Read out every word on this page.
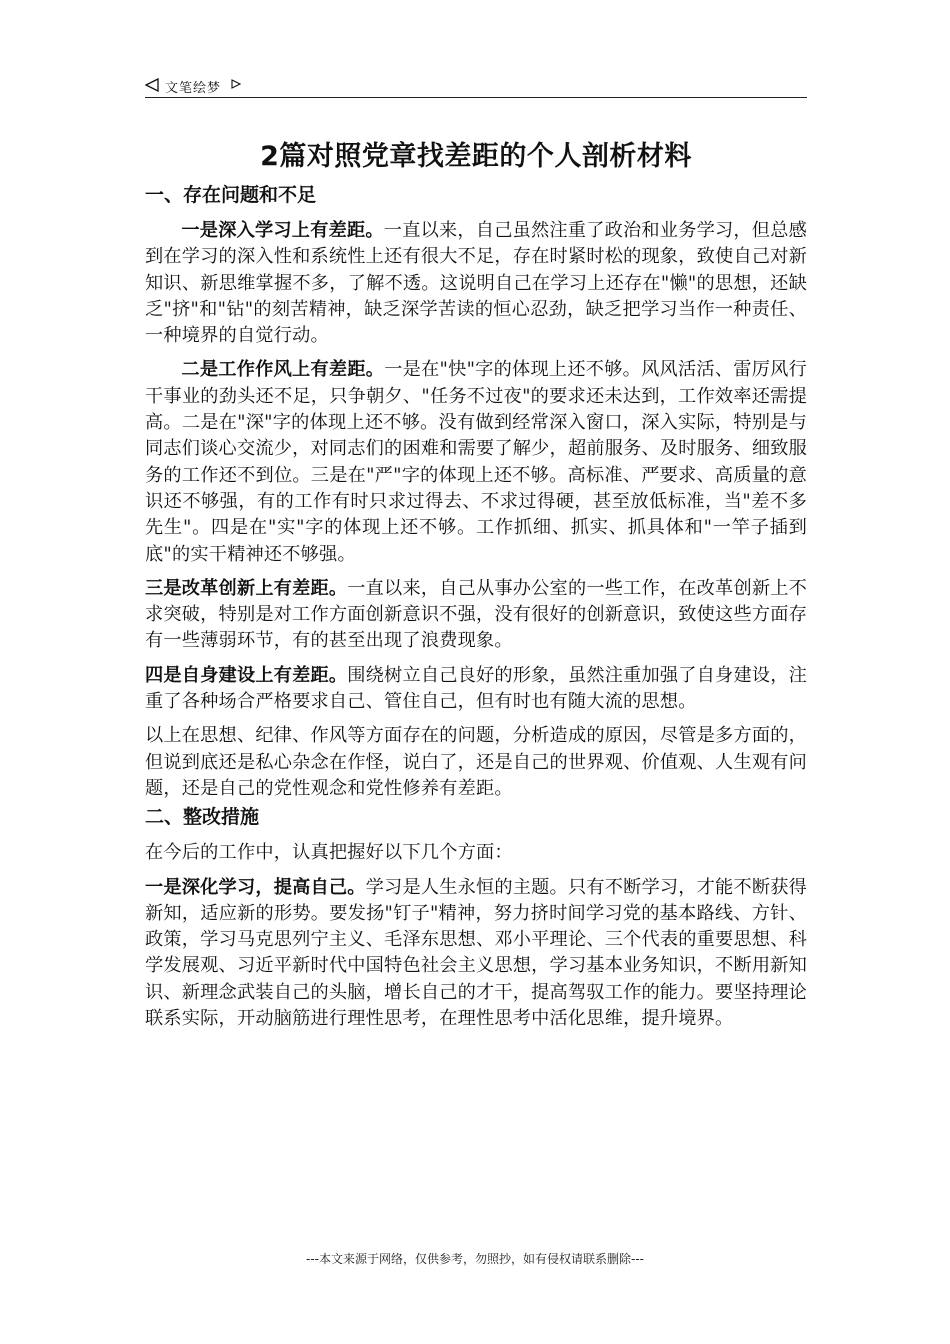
文笔绘梦
2篇对照党章找差距的个人剖析材料
一、存在问题和不足

一是深入学习上有差距。一直以来，自己虽然注重了政治和业务学习，但总感到在学习的深入性和系统性上还有很大不足，存在时紧时松的现象，致使自己对新知识、新思维掌握不多，了解不透。这说明自己在学习上还存在"懒"的思想，还缺乏"挤"和"钻"的刻苦精神，缺乏深学苦读的恒心忍劲，缺乏把学习当作一种责任、一种境界的自觉行动。

二是工作作风上有差距。一是在"快"字的体现上还不够。风风活活、雷厉风行干事业的劲头还不足，只争朝夕、"任务不过夜"的要求还未达到，工作效率还需提高。二是在"深"字的体现上还不够。没有做到经常深入窗口，深入实际，特别是与同志们谈心交流少，对同志们的困难和需要了解少，超前服务、及时服务、细致服务的工作还不到位。三是在"严"字的体现上还不够。高标准、严要求、高质量的意识还不够强，有的工作有时只求过得去、不求过得硬，甚至放低标准，当"差不多先生"。四是在"实"字的体现上还不够。工作抓细、抓实、抓具体和"一竿子插到底"的实干精神还不够强。

三是改革创新上有差距。一直以来，自己从事办公室的一些工作，在改革创新上不求突破，特别是对工作方面创新意识不强，没有很好的创新意识，致使这些方面存有一些薄弱环节，有的甚至出现了浪费现象。

四是自身建设上有差距。围绕树立自己良好的形象，虽然注重加强了自身建设，注重了各种场合严格要求自己、管住自己，但有时也有随大流的思想。

以上在思想、纪律、作风等方面存在的问题，分析造成的原因，尽管是多方面的，但说到底还是私心杂念在作怪，说白了，还是自己的世界观、价值观、人生观有问题，还是自己的党性观念和党性修养有差距。

二、整改措施

在今后的工作中，认真把握好以下几个方面：

一是深化学习，提高自己。学习是人生永恒的主题。只有不断学习，才能不断获得新知，适应新的形势。要发扬"钉子"精神，努力挤时间学习党的基本路线、方针、政策，学习马克思列宁主义、毛泽东思想、邓小平理论、三个代表的重要思想、科学发展观、习近平新时代中国特色社会主义思想，学习基本业务知识，不断用新知识、新理念武装自己的头脑，增长自己的才干，提高驾驭工作的能力。要坚持理论联系实际，开动脑筋进行理性思考，在理性思考中活化思维，提升境界。

---本文来源于网络，仅供参考，勿照抄，如有侵权请联系删除---
